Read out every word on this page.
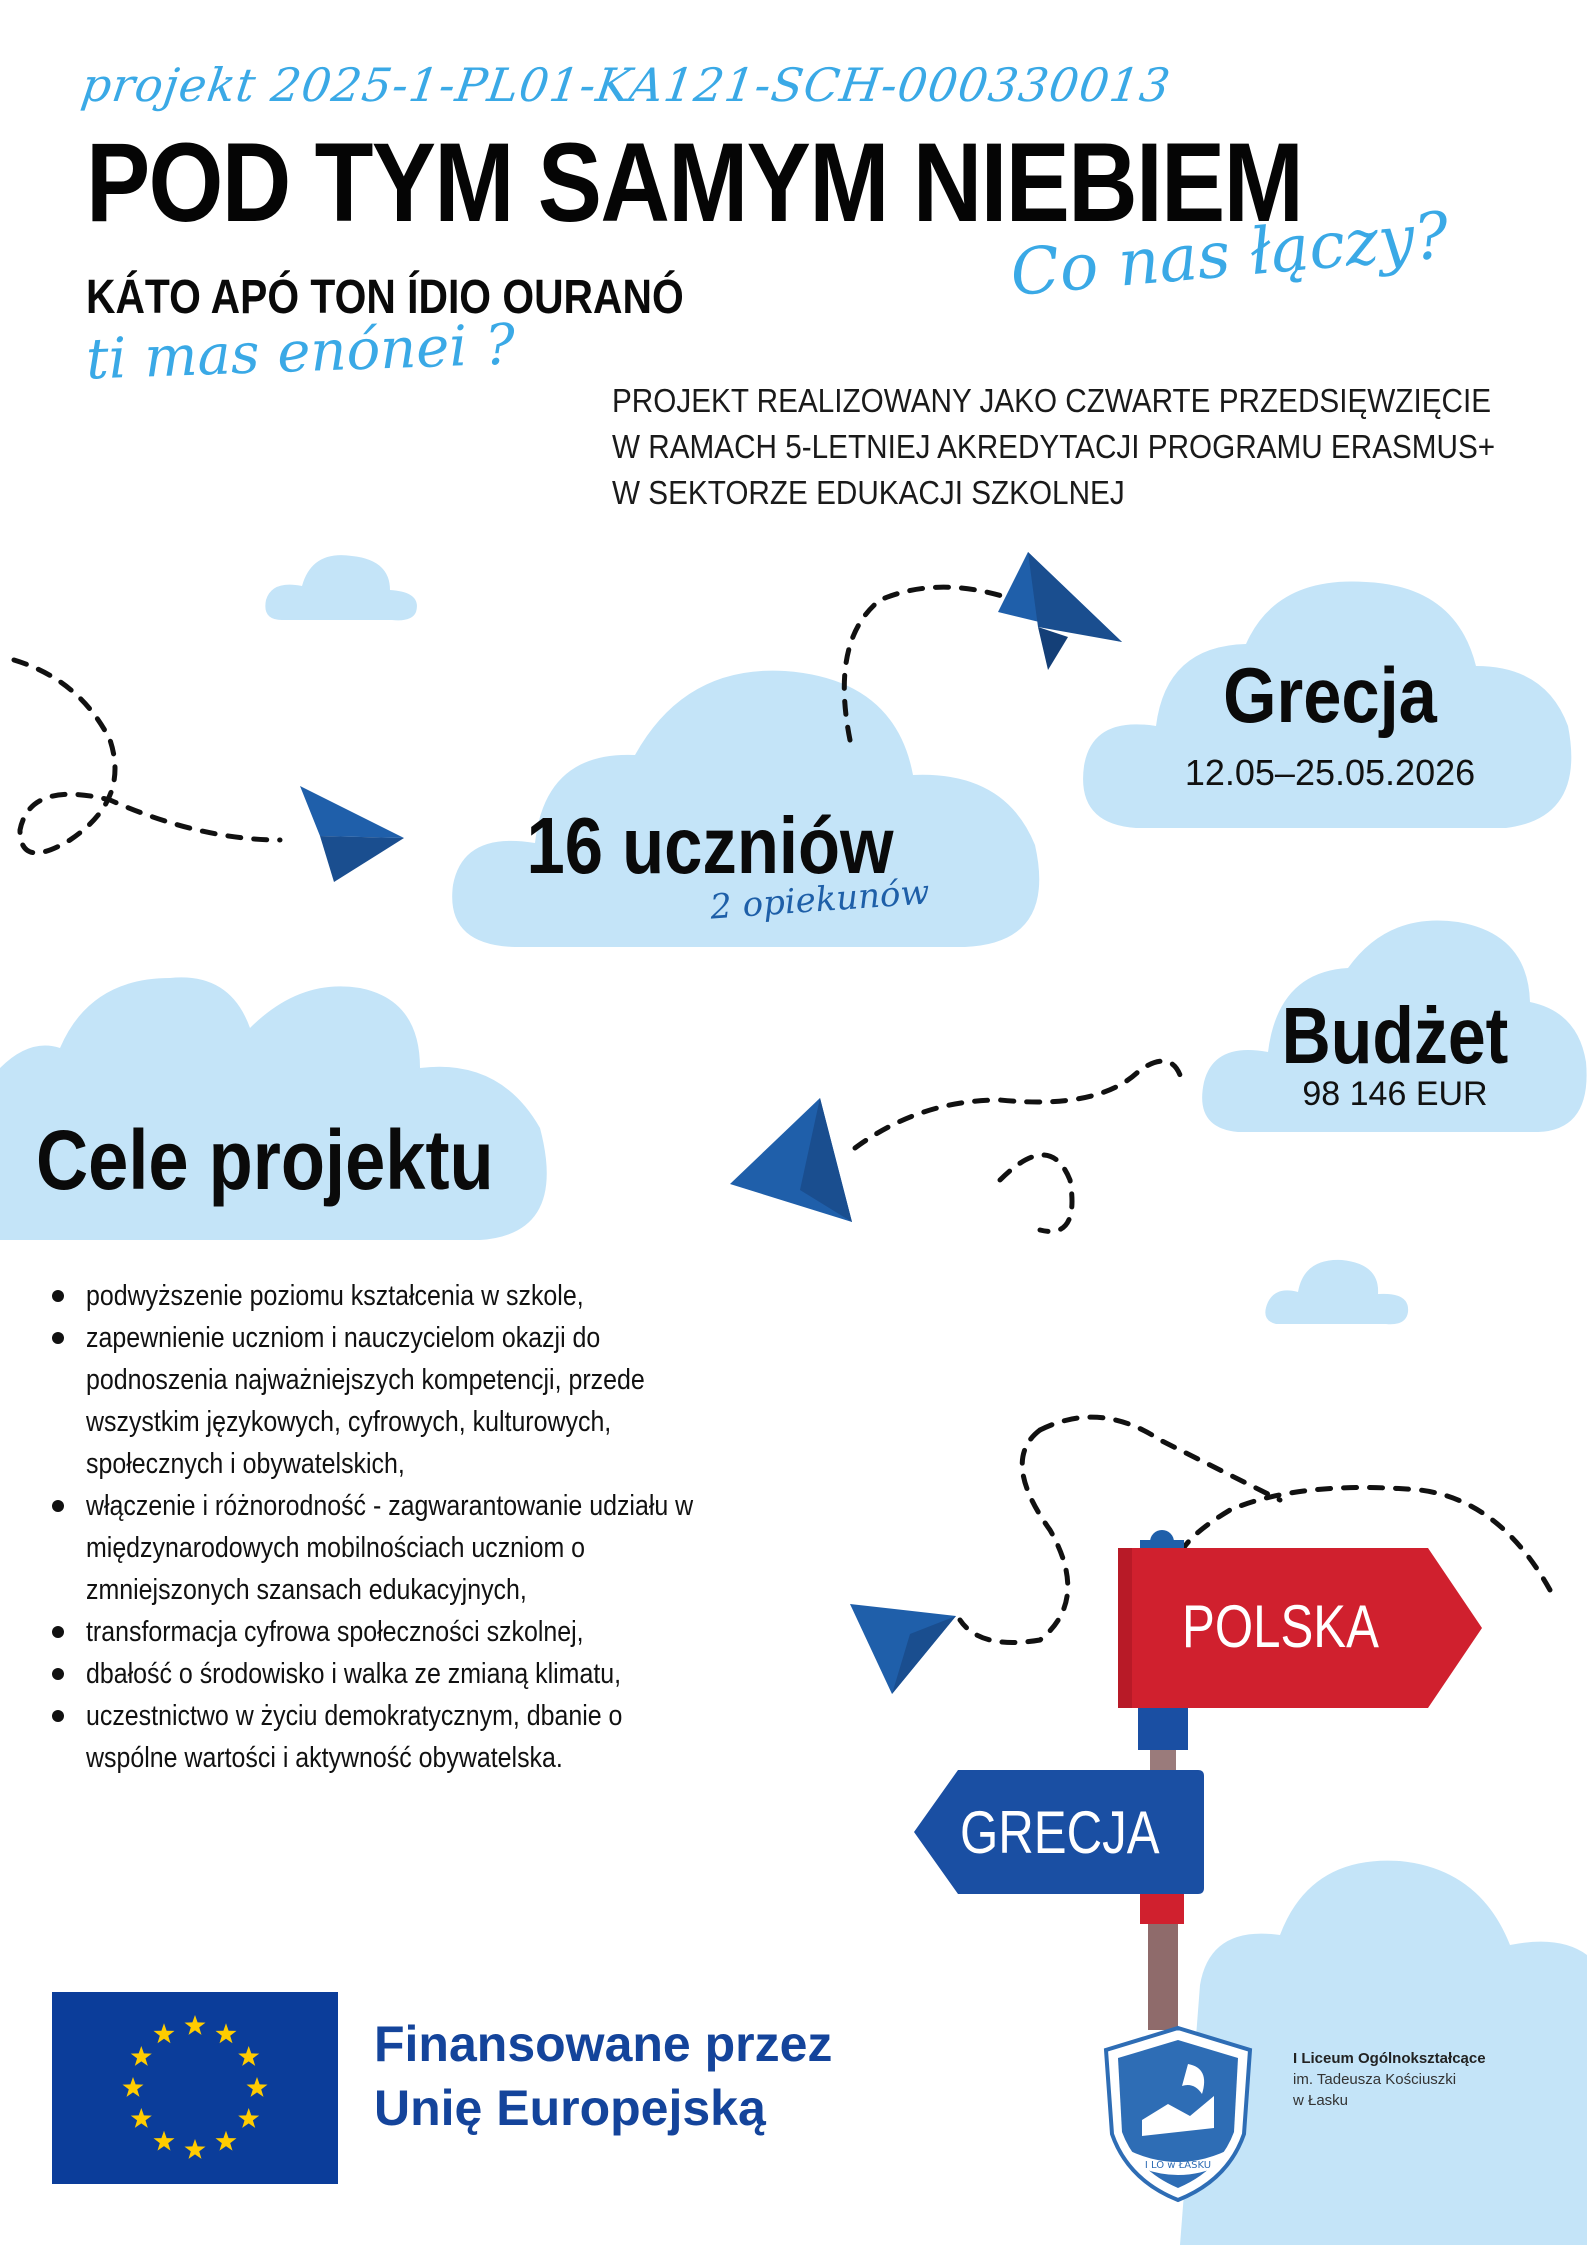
projekt 2025-1-PL01-KA121-SCH-000330013
POD TYM SAMYM NIEBIEM
Co nas łączy?
KÁTO APÓ TON ÍDIO OURANÓ
ti mas enónei ?
PROJEKT REALIZOWANY JAKO CZWARTE PRZEDSIĘWZIĘCIE
W RAMACH 5-LETNIEJ AKREDYTACJI PROGRAMU ERASMUS+
W SEKTORZE EDUKACJI SZKOLNEJ
Grecja
12.05–25.05.2026
16 uczniów
2 opiekunów
Budżet
98 146 EUR
Cele projektu
podwyższenie poziomu kształcenia w szkole,
zapewnienie uczniom i nauczycielom okazji do podnoszenia najważniejszych kompetencji, przede wszystkim językowych, cyfrowych, kulturowych, społecznych i obywatelskich,
włączenie i różnorodność - zagwarantowanie udziału w międzynarodowych mobilnościach uczniom o zmniejszonych szansach edukacyjnych,
transformacja cyfrowa społeczności szkolnej,
dbałość o środowisko i walka ze zmianą klimatu,
uczestnictwo w życiu demokratycznym, dbanie o wspólne wartości i aktywność obywatelska.
POLSKA
GRECJA
Finansowane przez
Unię Europejską
I LO w ŁASKU
I Liceum Ogólnokształcące
im. Tadeusza Kościuszki
w Łasku
